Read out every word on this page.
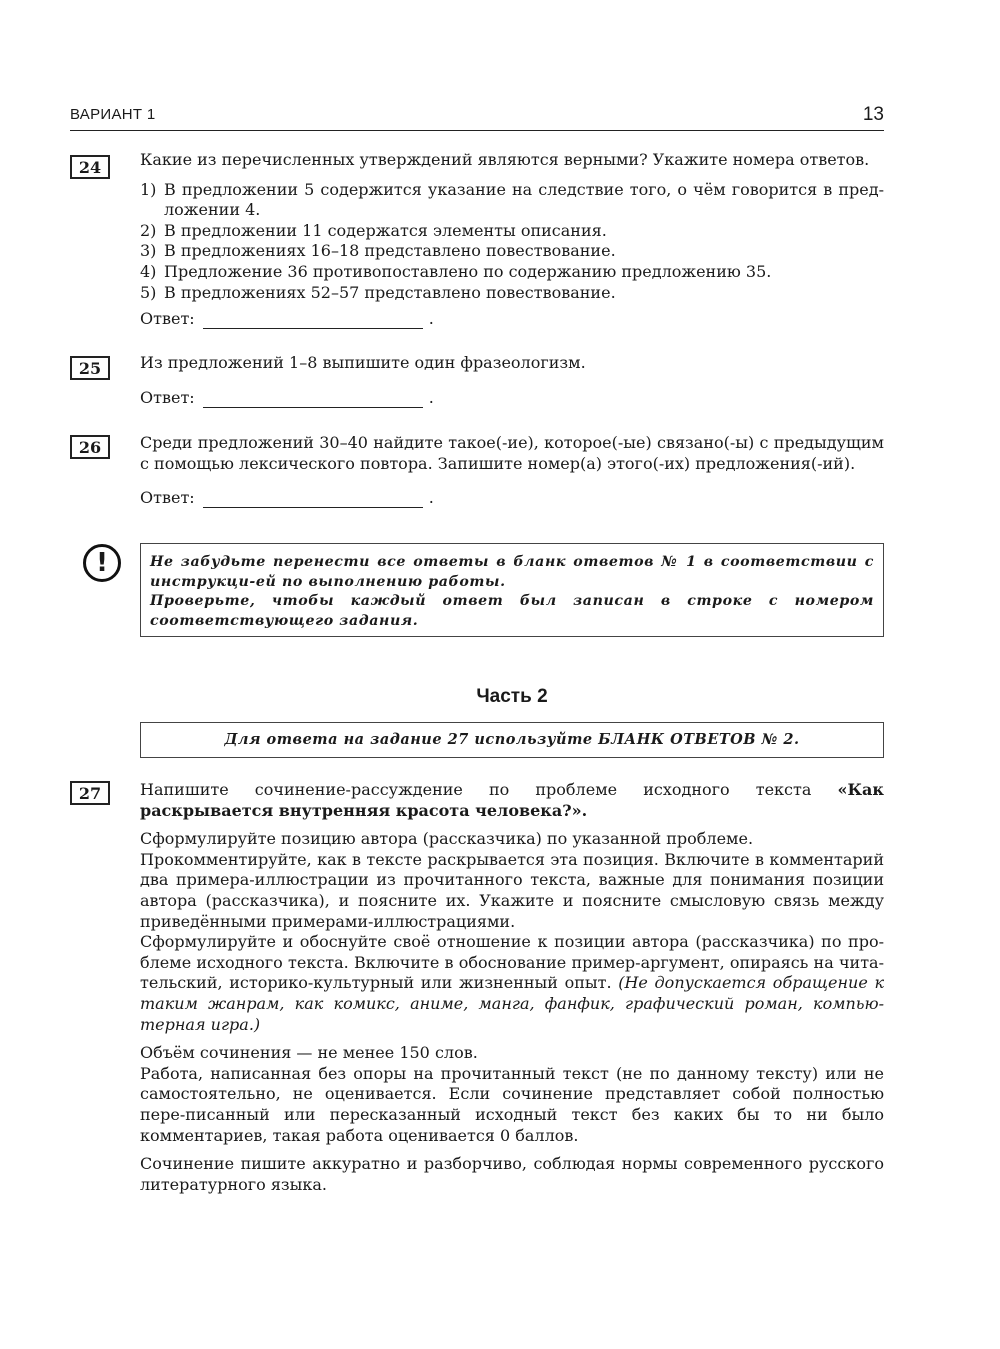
ВАРИАНТ 1	13
24	Какие из перечисленных утверждений являются верными? Укажите номера ответов.

1) В предложении 5 содержится указание на следствие того, о чём говорится в пред-ложении 4.
2) В предложении 11 содержатся элементы описания.
3) В предложениях 16–18 представлено повествование.
4) Предложение 36 противопоставлено по содержанию предложению 35.
5) В предложениях 52–57 представлено повествование.
Ответ:	.
25	Из предложений 1–8 выпишите один фразеологизм.
Ответ:	.
26	Среди предложений 30–40 найдите такое(-ие), которое(-ые) связано(-ы) с предыдущим с помощью лексического повтора. Запишите номер(а) этого(-их) предложения(-ий).
Ответ:	.
!	Не забудьте перенести все ответы в бланк ответов № 1 в соответствии с инструкци-ей по выполнению работы.
Проверьте, чтобы каждый ответ был записан в строке с номером соответствующего задания.
Часть 2
Для ответа на задание 27 используйте БЛАНК ОТВЕТОВ № 2.
27	Напишите сочинение-рассуждение по проблеме исходного текста «Как раскрывается внутренняя красота человека?».

Сформулируйте позицию автора (рассказчика) по указанной проблеме.

Прокомментируйте, как в тексте раскрывается эта позиция. Включите в комментарий два примера-иллюстрации из прочитанного текста, важные для понимания позиции автора (рассказчика), и поясните их. Укажите и поясните смысловую связь между приведёнными примерами-иллюстрациями.

Сформулируйте и обоснуйте своё отношение к позиции автора (рассказчика) по про-блеме исходного текста. Включите в обоснование пример-аргумент, опираясь на чита-тельский, историко-культурный или жизненный опыт. (Не допускается обращение к таким жанрам, как комикс, аниме, манга, фанфик, графический роман, компью-терная игра.)

Объём сочинения — не менее 150 слов.

Работа, написанная без опоры на прочитанный текст (не по данному тексту) или не самостоятельно, не оценивается. Если сочинение представляет собой полностью пере-писанный или пересказанный исходный текст без каких бы то ни было комментариев, такая работа оценивается 0 баллов.

Сочинение пишите аккуратно и разборчиво, соблюдая нормы современного русского литературного языка.
